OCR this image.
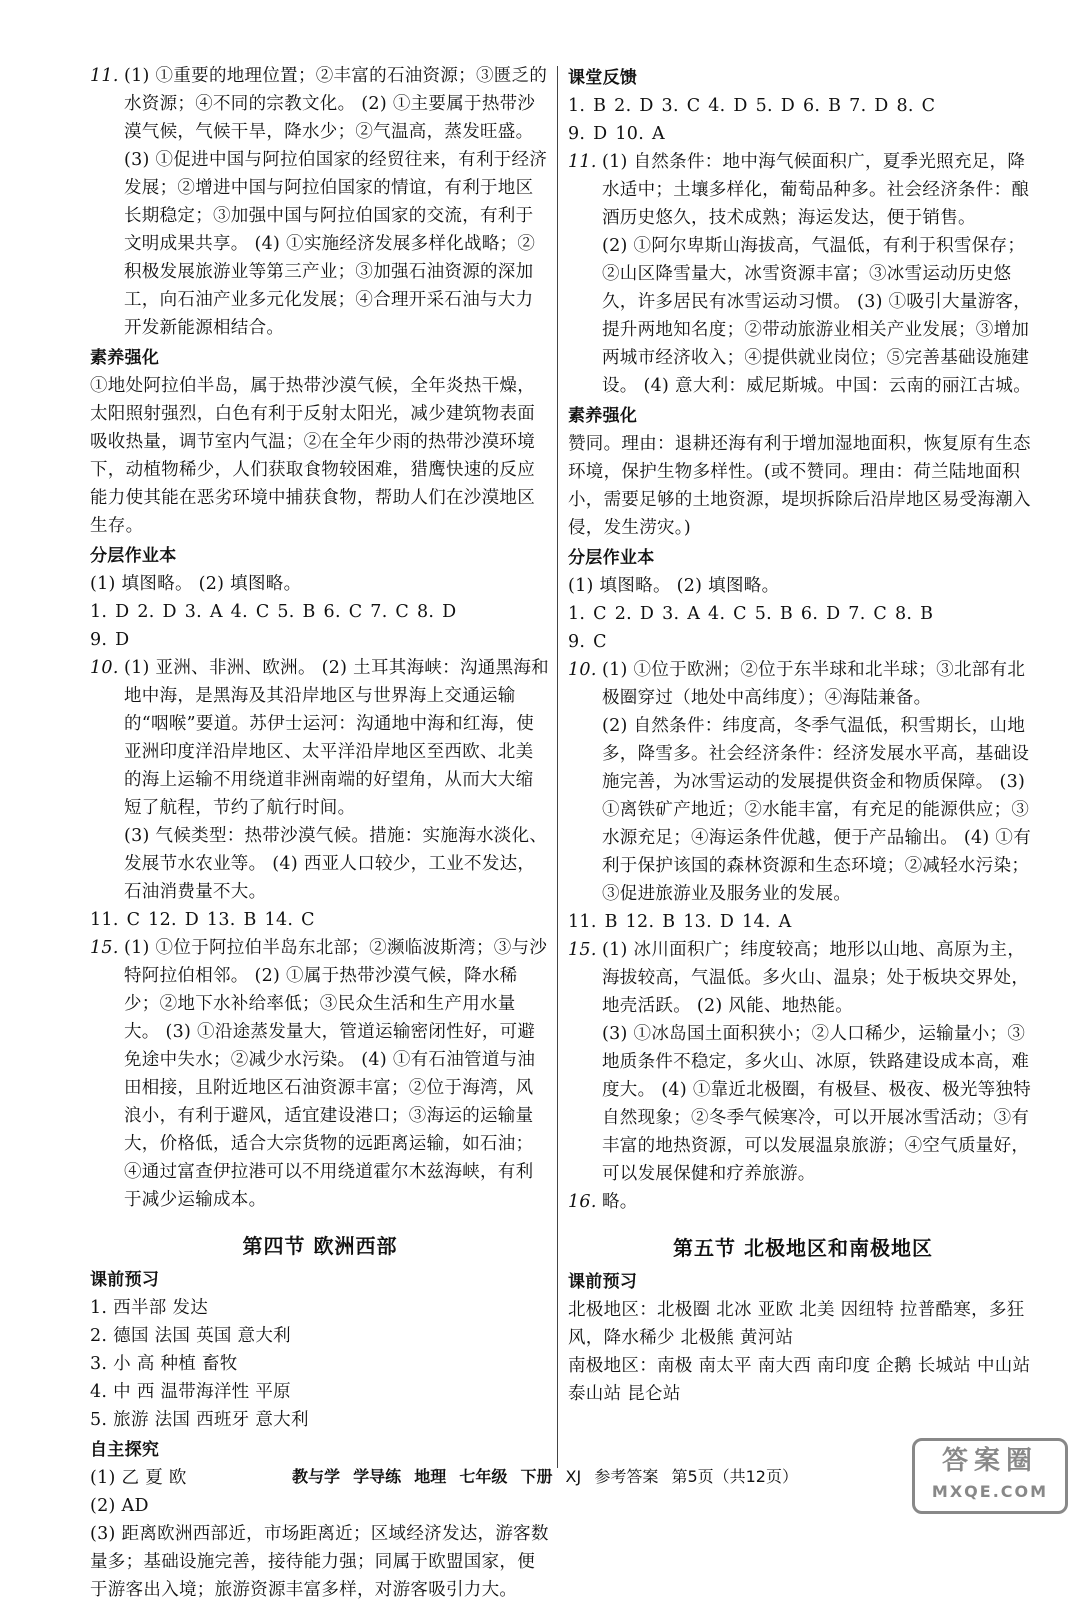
11. (1) ①重要的地理位置；②丰富的石油资源；③匮乏的水资源；④不同的宗教文化。 (2) ①主要属于热带沙漠气候，气候干旱，降水少；②气温高，蒸发旺盛。 (3) ①促进中国与阿拉伯国家的经贸往来，有利于经济发展；②增进中国与阿拉伯国家的情谊，有利于地区长期稳定；③加强中国与阿拉伯国家的交流，有利于文明成果共享。 (4) ①实施经济发展多样化战略；②积极发展旅游业等第三产业；③加强石油资源的深加工，向石油产业多元化发展；④合理开采石油与大力开发新能源相结合。
素养强化
①地处阿拉伯半岛，属于热带沙漠气候，全年炎热干燥，太阳照射强烈，白色有利于反射太阳光，减少建筑物表面吸收热量，调节室内气温；②在全年少雨的热带沙漠环境下，动植物稀少，人们获取食物较困难，猎鹰快速的反应能力使其能在恶劣环境中捕获食物，帮助人们在沙漠地区生存。
分层作业本
(1) 填图略。 (2) 填图略。
1. D 2. D 3. A 4. C 5. B 6. C 7. C 8. D
9. D
10. (1) 亚洲、非洲、欧洲。 (2) 土耳其海峡：沟通黑海和地中海，是黑海及其沿岸地区与世界海上交通运输的“咽喉”要道。苏伊士运河：沟通地中海和红海，使亚洲印度洋沿岸地区、太平洋沿岸地区至西欧、北美的海上运输不用绕道非洲南端的好望角，从而大大缩短了航程，节约了航行时间。
(3) 气候类型：热带沙漠气候。措施：实施海水淡化、发展节水农业等。 (4) 西亚人口较少，工业不发达，石油消费量不大。
11. C 12. D 13. B 14. C
15. (1) ①位于阿拉伯半岛东北部；②濒临波斯湾；③与沙特阿拉伯相邻。 (2) ①属于热带沙漠气候，降水稀少；②地下水补给率低；③民众生活和生产用水量大。 (3) ①沿途蒸发量大，管道运输密闭性好，可避免途中失水；②减少水污染。 (4) ①有石油管道与油田相接，且附近地区石油资源丰富；②位于海湾，风浪小，有利于避风，适宜建设港口；③海运的运输量大，价格低，适合大宗货物的远距离运输，如石油；④通过富查伊拉港可以不用绕道霍尔木兹海峡，有利于减少运输成本。
第四节 欧洲西部
课前预习
1. 西半部 发达
2. 德国 法国 英国 意大利
3. 小 高 种植 畜牧
4. 中 西 温带海洋性 平原
5. 旅游 法国 西班牙 意大利
自主探究
(1) 乙 夏 欧
(2) AD
(3) 距离欧洲西部近，市场距离近；区域经济发达，游客数量多；基础设施完善，接待能力强；同属于欧盟国家，便于游客出入境；旅游资源丰富多样，对游客吸引力大。
课堂反馈
1. B 2. D 3. C 4. D 5. D 6. B 7. D 8. C
9. D 10. A
11. (1) 自然条件：地中海气候面积广，夏季光照充足，降水适中；土壤多样化，葡萄品种多。社会经济条件：酿酒历史悠久，技术成熟；海运发达，便于销售。
(2) ①阿尔卑斯山海拔高，气温低，有利于积雪保存；②山区降雪量大，冰雪资源丰富；③冰雪运动历史悠久，许多居民有冰雪运动习惯。 (3) ①吸引大量游客，提升两地知名度；②带动旅游业相关产业发展；③增加两城市经济收入；④提供就业岗位；⑤完善基础设施建设。 (4) 意大利：威尼斯城。中国：云南的丽江古城。
素养强化
赞同。理由：退耕还海有利于增加湿地面积，恢复原有生态环境，保护生物多样性。(或不赞同。理由：荷兰陆地面积小，需要足够的土地资源，堤坝拆除后沿岸地区易受海潮入侵，发生涝灾。)
分层作业本
(1) 填图略。 (2) 填图略。
1. C 2. D 3. A 4. C 5. B 6. D 7. C 8. B
9. C
10. (1) ①位于欧洲；②位于东半球和北半球；③北部有北极圈穿过（地处中高纬度）；④海陆兼备。
(2) 自然条件：纬度高，冬季气温低，积雪期长，山地多，降雪多。社会经济条件：经济发展水平高，基础设施完善，为冰雪运动的发展提供资金和物质保障。 (3) ①离铁矿产地近；②水能丰富，有充足的能源供应；③水源充足；④海运条件优越，便于产品输出。 (4) ①有利于保护该国的森林资源和生态环境；②减轻水污染；③促进旅游业及服务业的发展。
11. B 12. B 13. D 14. A
15. (1) 冰川面积广；纬度较高；地形以山地、高原为主，海拔较高，气温低。多火山、温泉；处于板块交界处，地壳活跃。 (2) 风能、地热能。
(3) ①冰岛国土面积狭小；②人口稀少，运输量小；③地质条件不稳定，多火山、冰原，铁路建设成本高，难度大。 (4) ①靠近北极圈，有极昼、极夜、极光等独特自然现象；②冬季气候寒冷，可以开展冰雪活动；③有丰富的地热资源，可以发展温泉旅游；④空气质量好，可以发展保健和疗养旅游。
16. 略。
第五节 北极地区和南极地区
课前预习
北极地区：北极圈 北冰 亚欧 北美 因纽特 拉普酷寒，多狂风，降水稀少 北极熊 黄河站
南极地区：南极 南太平 南大西 南印度 企鹅 长城站 中山站 泰山站 昆仑站
教与学 学导练 地理 七年级 下册 XJ 参考答案 第5页（共12页）
答案圈
MXQE.COM
